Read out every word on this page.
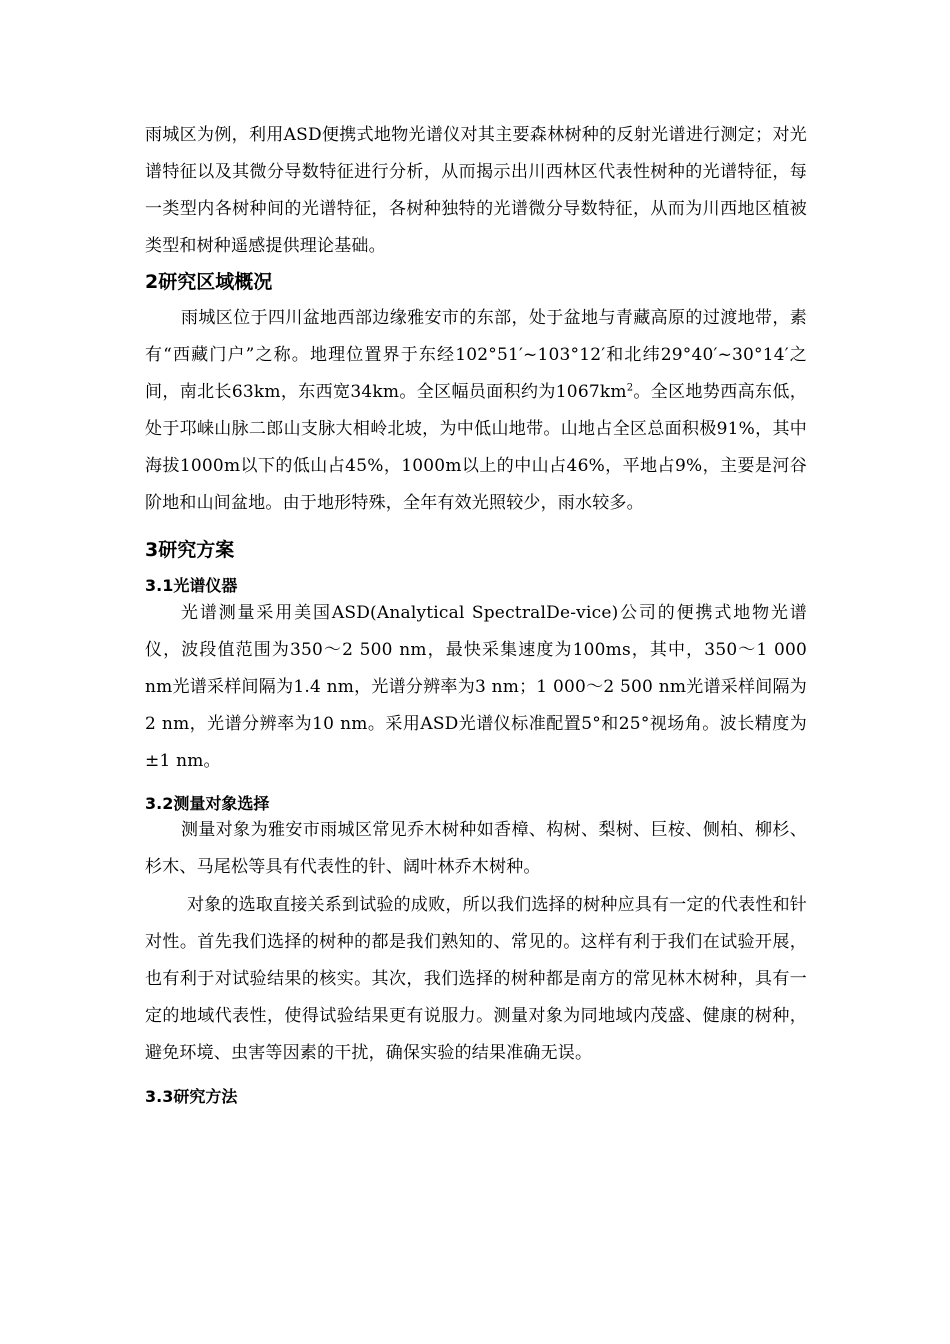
雨城区为例，利用ASD便携式地物光谱仪对其主要森林树种的反射光谱进行测定；对光谱特征以及其微分导数特征进行分析，从而揭示出川西林区代表性树种的光谱特征，每一类型内各树种间的光谱特征，各树种独特的光谱微分导数特征，从而为川西地区植被类型和树种遥感提供理论基础。

2研究区域概况

雨城区位于四川盆地西部边缘雅安市的东部，处于盆地与青藏高原的过渡地带，素有“西藏门户”之称。地理位置界于东经102°51′~103°12′和北纬29°40′~30°14′之间，南北长63km，东西宽34km。全区幅员面积约为$1067km^2$。全区地势西高东低，处于邛崃山脉二郎山支脉大相岭北坡，为中低山地带。山地占全区总面积极91%，其中海拔1000m以下的低山占45%，1000m以上的中山占46%，平地占9%，主要是河谷阶地和山间盆地。由于地形特殊，全年有效光照较少，雨水较多。

3研究方案
3.1光谱仪器

光谱测量采用美国ASD(Analytical SpectralDe-vice)公司的便携式地物光谱仪，波段值范围为350～2 500 nm，最快采集速度为100ms，其中，350～1 000 nm光谱采样间隔为1.4 nm，光谱分辨率为3 nm；1 000～2 500 nm光谱采样间隔为2 nm，光谱分辨率为10 nm。采用ASD光谱仪标准配置5°和25°视场角。波长精度为±1 nm。

3.2测量对象选择

测量对象为雅安市雨城区常见乔木树种如香樟、构树、梨树、巨桉、侧柏、柳杉、杉木、马尾松等具有代表性的针、阔叶林乔木树种。

对象的选取直接关系到试验的成败，所以我们选择的树种应具有一定的代表性和针对性。首先我们选择的树种的都是我们熟知的、常见的。这样有利于我们在试验开展，也有利于对试验结果的核实。其次，我们选择的树种都是南方的常见林木树种，具有一定的地域代表性，使得试验结果更有说服力。测量对象为同地域内茂盛、健康的树种，避免环境、虫害等因素的干扰，确保实验的结果准确无误。

3.3研究方法
